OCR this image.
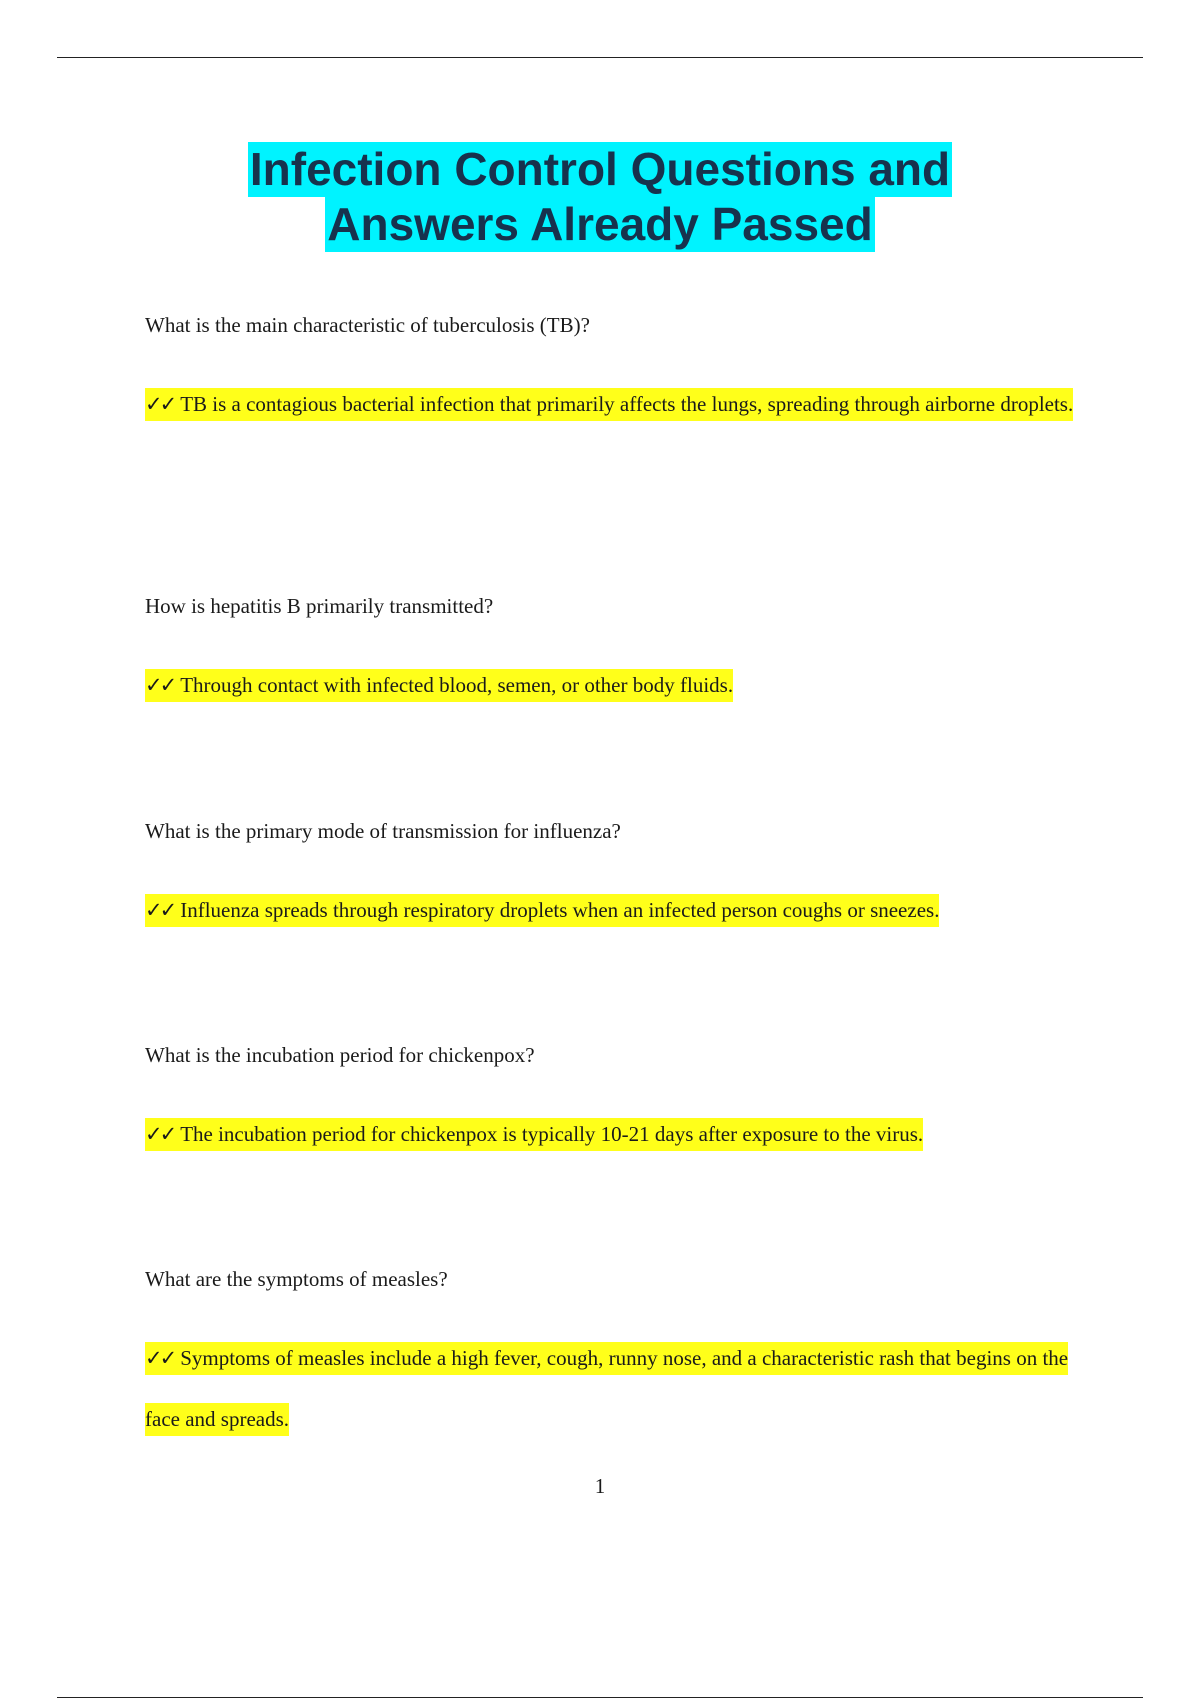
Infection Control Questions and
Answers Already Passed

What is the main characteristic of tuberculosis (TB)?

✓✓ TB is a contagious bacterial infection that primarily affects the lungs, spreading through airborne droplets.

How is hepatitis B primarily transmitted?

✓✓ Through contact with infected blood, semen, or other body fluids.

What is the primary mode of transmission for influenza?

✓✓ Influenza spreads through respiratory droplets when an infected person coughs or sneezes.

What is the incubation period for chickenpox?

✓✓ The incubation period for chickenpox is typically 10-21 days after exposure to the virus.

What are the symptoms of measles?

✓✓ Symptoms of measles include a high fever, cough, runny nose, and a characteristic rash that begins on the face and spreads.

1
